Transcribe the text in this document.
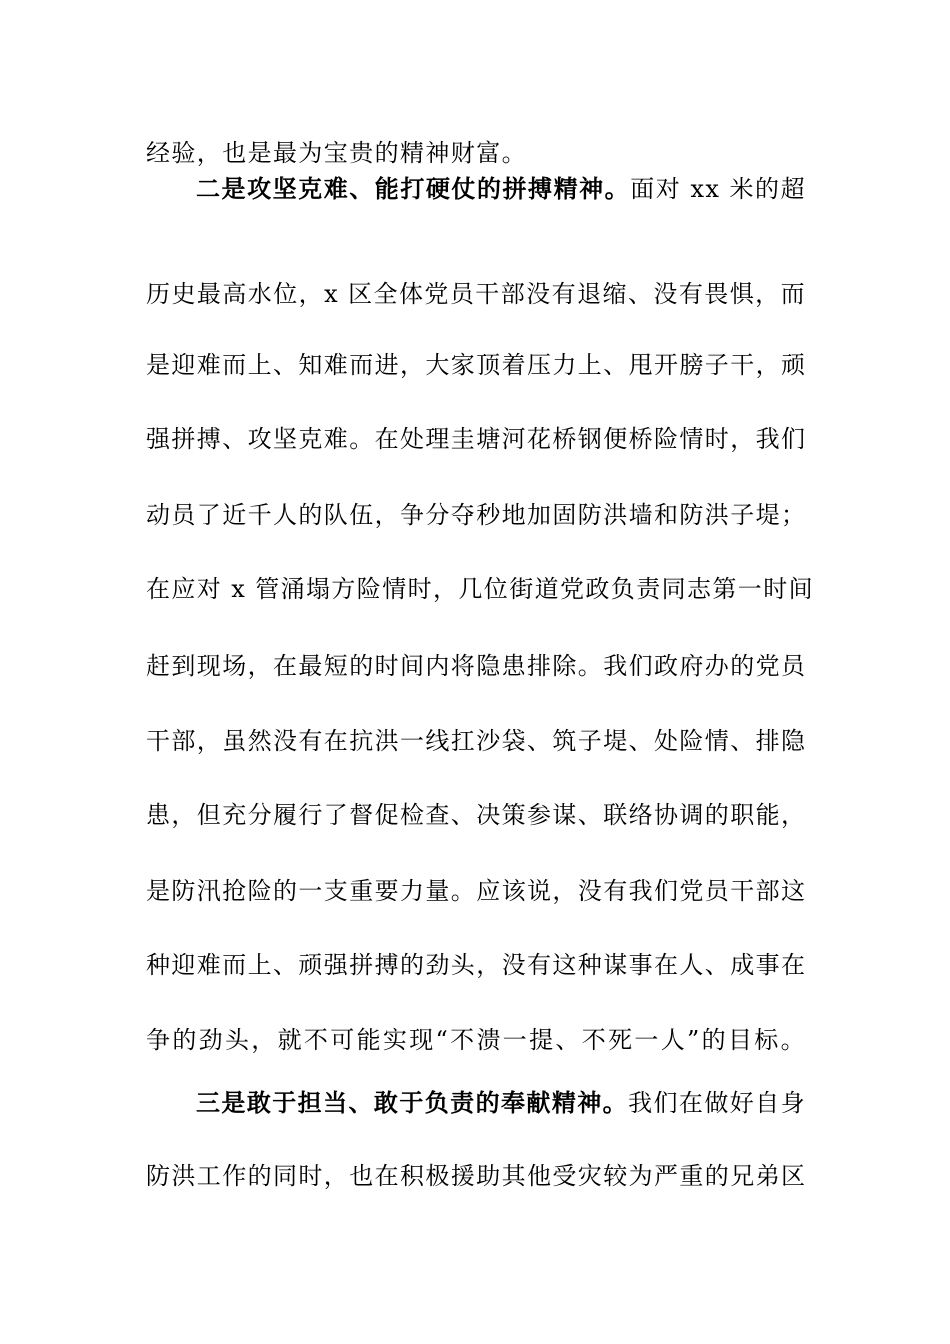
经验，也是最为宝贵的精神财富。
二是攻坚克难、能打硬仗的拼搏精神。面对 xx 米的超
历史最高水位，x 区全体党员干部没有退缩、没有畏惧，而
是迎难而上、知难而进，大家顶着压力上、甩开膀子干，顽
强拼搏、攻坚克难。在处理圭塘河花桥钢便桥险情时，我们
动员了近千人的队伍，争分夺秒地加固防洪墙和防洪子堤；
在应对 x 管涌塌方险情时，几位街道党政负责同志第一时间
赶到现场，在最短的时间内将隐患排除。我们政府办的党员
干部，虽然没有在抗洪一线扛沙袋、筑子堤、处险情、排隐
患，但充分履行了督促检查、决策参谋、联络协调的职能，
是防汛抢险的一支重要力量。应该说，没有我们党员干部这
种迎难而上、顽强拼搏的劲头，没有这种谋事在人、成事在
争的劲头，就不可能实现“不溃一提、不死一人”的目标。
三是敢于担当、敢于负责的奉献精神。我们在做好自身
防洪工作的同时，也在积极援助其他受灾较为严重的兄弟区
